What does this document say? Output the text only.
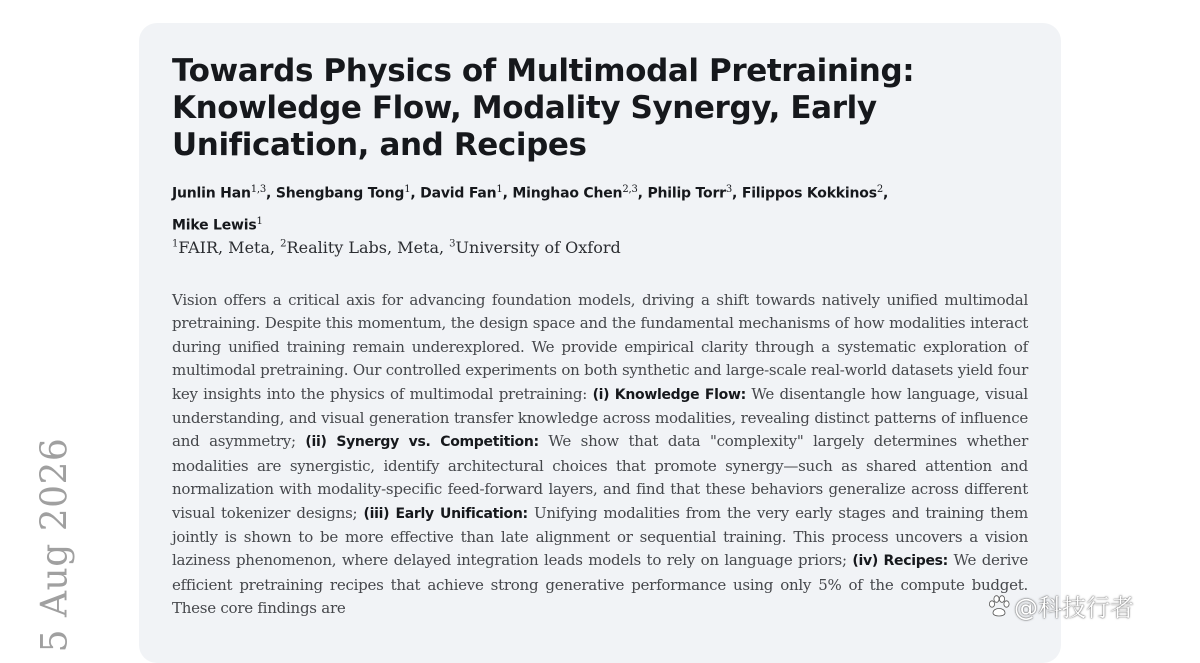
5 Aug 2026
Towards Physics of Multimodal Pretraining: Knowledge Flow, Modality Synergy, Early Unification, and Recipes
Junlin Han$^{1,3}$, Shengbang Tong$^1$, David Fan$^1$, Minghao Chen$^{2,3}$, Philip Torr$^3$, Filippos Kokkinos$^2$,
Mike Lewis$^1$
$^1$FAIR, Meta, $^2$Reality Labs, Meta, $^3$University of Oxford
Vision offers a critical axis for advancing foundation models, driving a shift towards natively unified multimodal pretraining. Despite this momentum, the design space and the fundamental mechanisms of how modalities interact during unified training remain underexplored. We provide empirical clarity through a systematic exploration of multimodal pretraining. Our controlled experiments on both synthetic and large-scale real-world datasets yield four key insights into the physics of multimodal pretraining: (i) Knowledge Flow: We disentangle how language, visual understanding, and visual generation transfer knowledge across modalities, revealing distinct patterns of influence and asymmetry; (ii) Synergy vs. Competition: We show that data "complexity" largely determines whether modalities are synergistic, identify architectural choices that promote synergy—such as shared attention and normalization with modality-specific feed-forward layers, and find that these behaviors generalize across different visual tokenizer designs; (iii) Early Unification: Unifying modalities from the very early stages and training them jointly is shown to be more effective than late alignment or sequential training. This process uncovers a vision laziness phenomenon, where delayed integration leads models to rely on language priors; (iv) Recipes: We derive efficient pretraining recipes that achieve strong generative performance using only 5% of the compute budget. These core findings are	@科技行者
